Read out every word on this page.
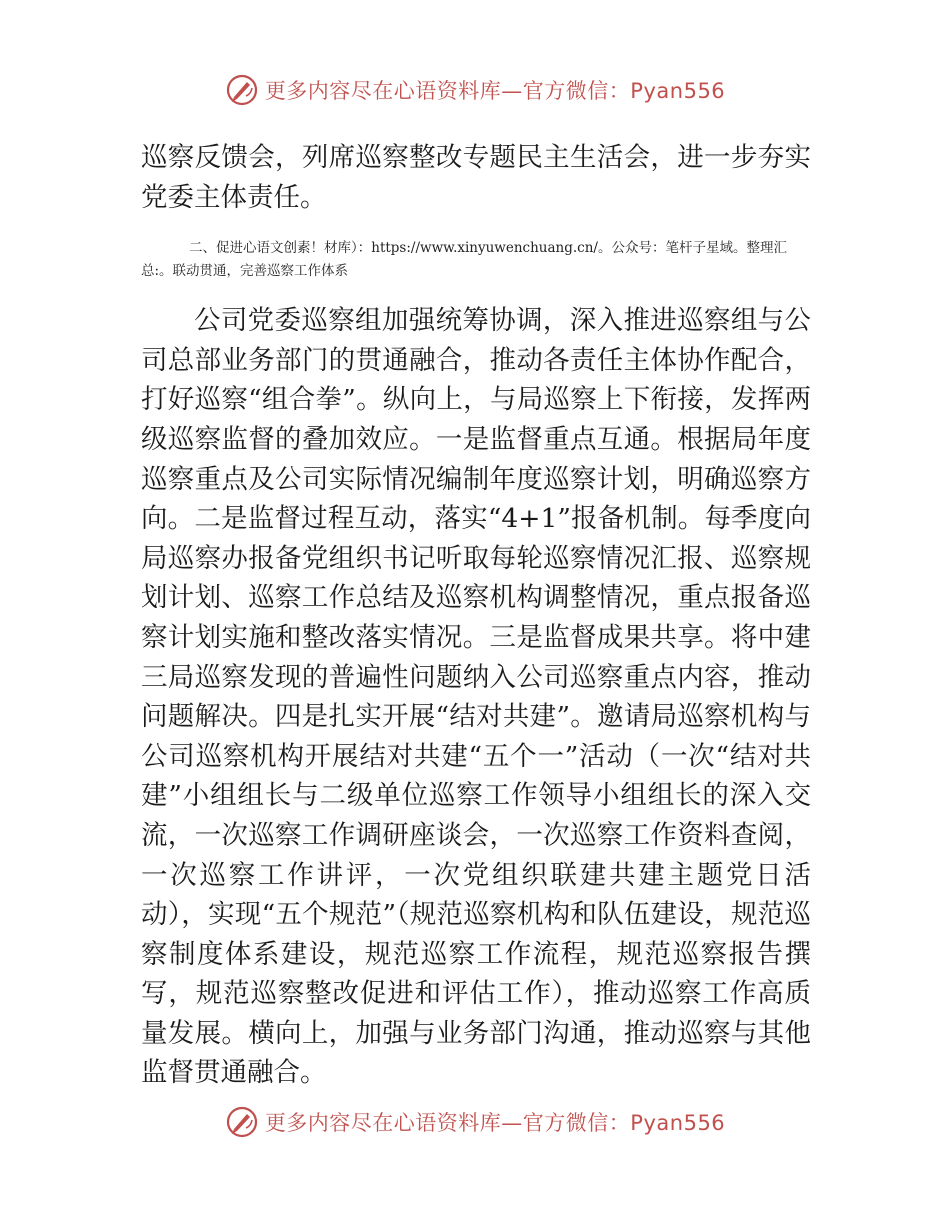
更多内容尽在心语资料库—官方微信：Pyan556

巡察反馈会，列席巡察整改专题民主生活会，进一步夯实党委主体责任。

二、促进心语文创素！材库）：https://www.xinyuwenchuang.cn/。公众号：笔杆子星域。整理汇总:。联动贯通，完善巡察工作体系

公司党委巡察组加强统筹协调，深入推进巡察组与公司总部业务部门的贯通融合，推动各责任主体协作配合，打好巡察“组合拳”。纵向上，与局巡察上下衔接，发挥两级巡察监督的叠加效应。一是监督重点互通。根据局年度巡察重点及公司实际情况编制年度巡察计划，明确巡察方向。二是监督过程互动，落实“4+1”报备机制。每季度向局巡察办报备党组织书记听取每轮巡察情况汇报、巡察规划计划、巡察工作总结及巡察机构调整情况，重点报备巡察计划实施和整改落实情况。三是监督成果共享。将中建三局巡察发现的普遍性问题纳入公司巡察重点内容，推动问题解决。四是扎实开展“结对共建”。邀请局巡察机构与公司巡察机构开展结对共建“五个一”活动（一次“结对共建”小组组长与二级单位巡察工作领导小组组长的深入交流，一次巡察工作调研座谈会，一次巡察工作资料查阅，一次巡察工作讲评，一次党组织联建共建主题党日活动），实现“五个规范”（规范巡察机构和队伍建设，规范巡察制度体系建设，规范巡察工作流程，规范巡察报告撰写，规范巡察整改促进和评估工作），推动巡察工作高质量发展。横向上，加强与业务部门沟通，推动巡察与其他监督贯通融合。

更多内容尽在心语资料库—官方微信：Pyan556
